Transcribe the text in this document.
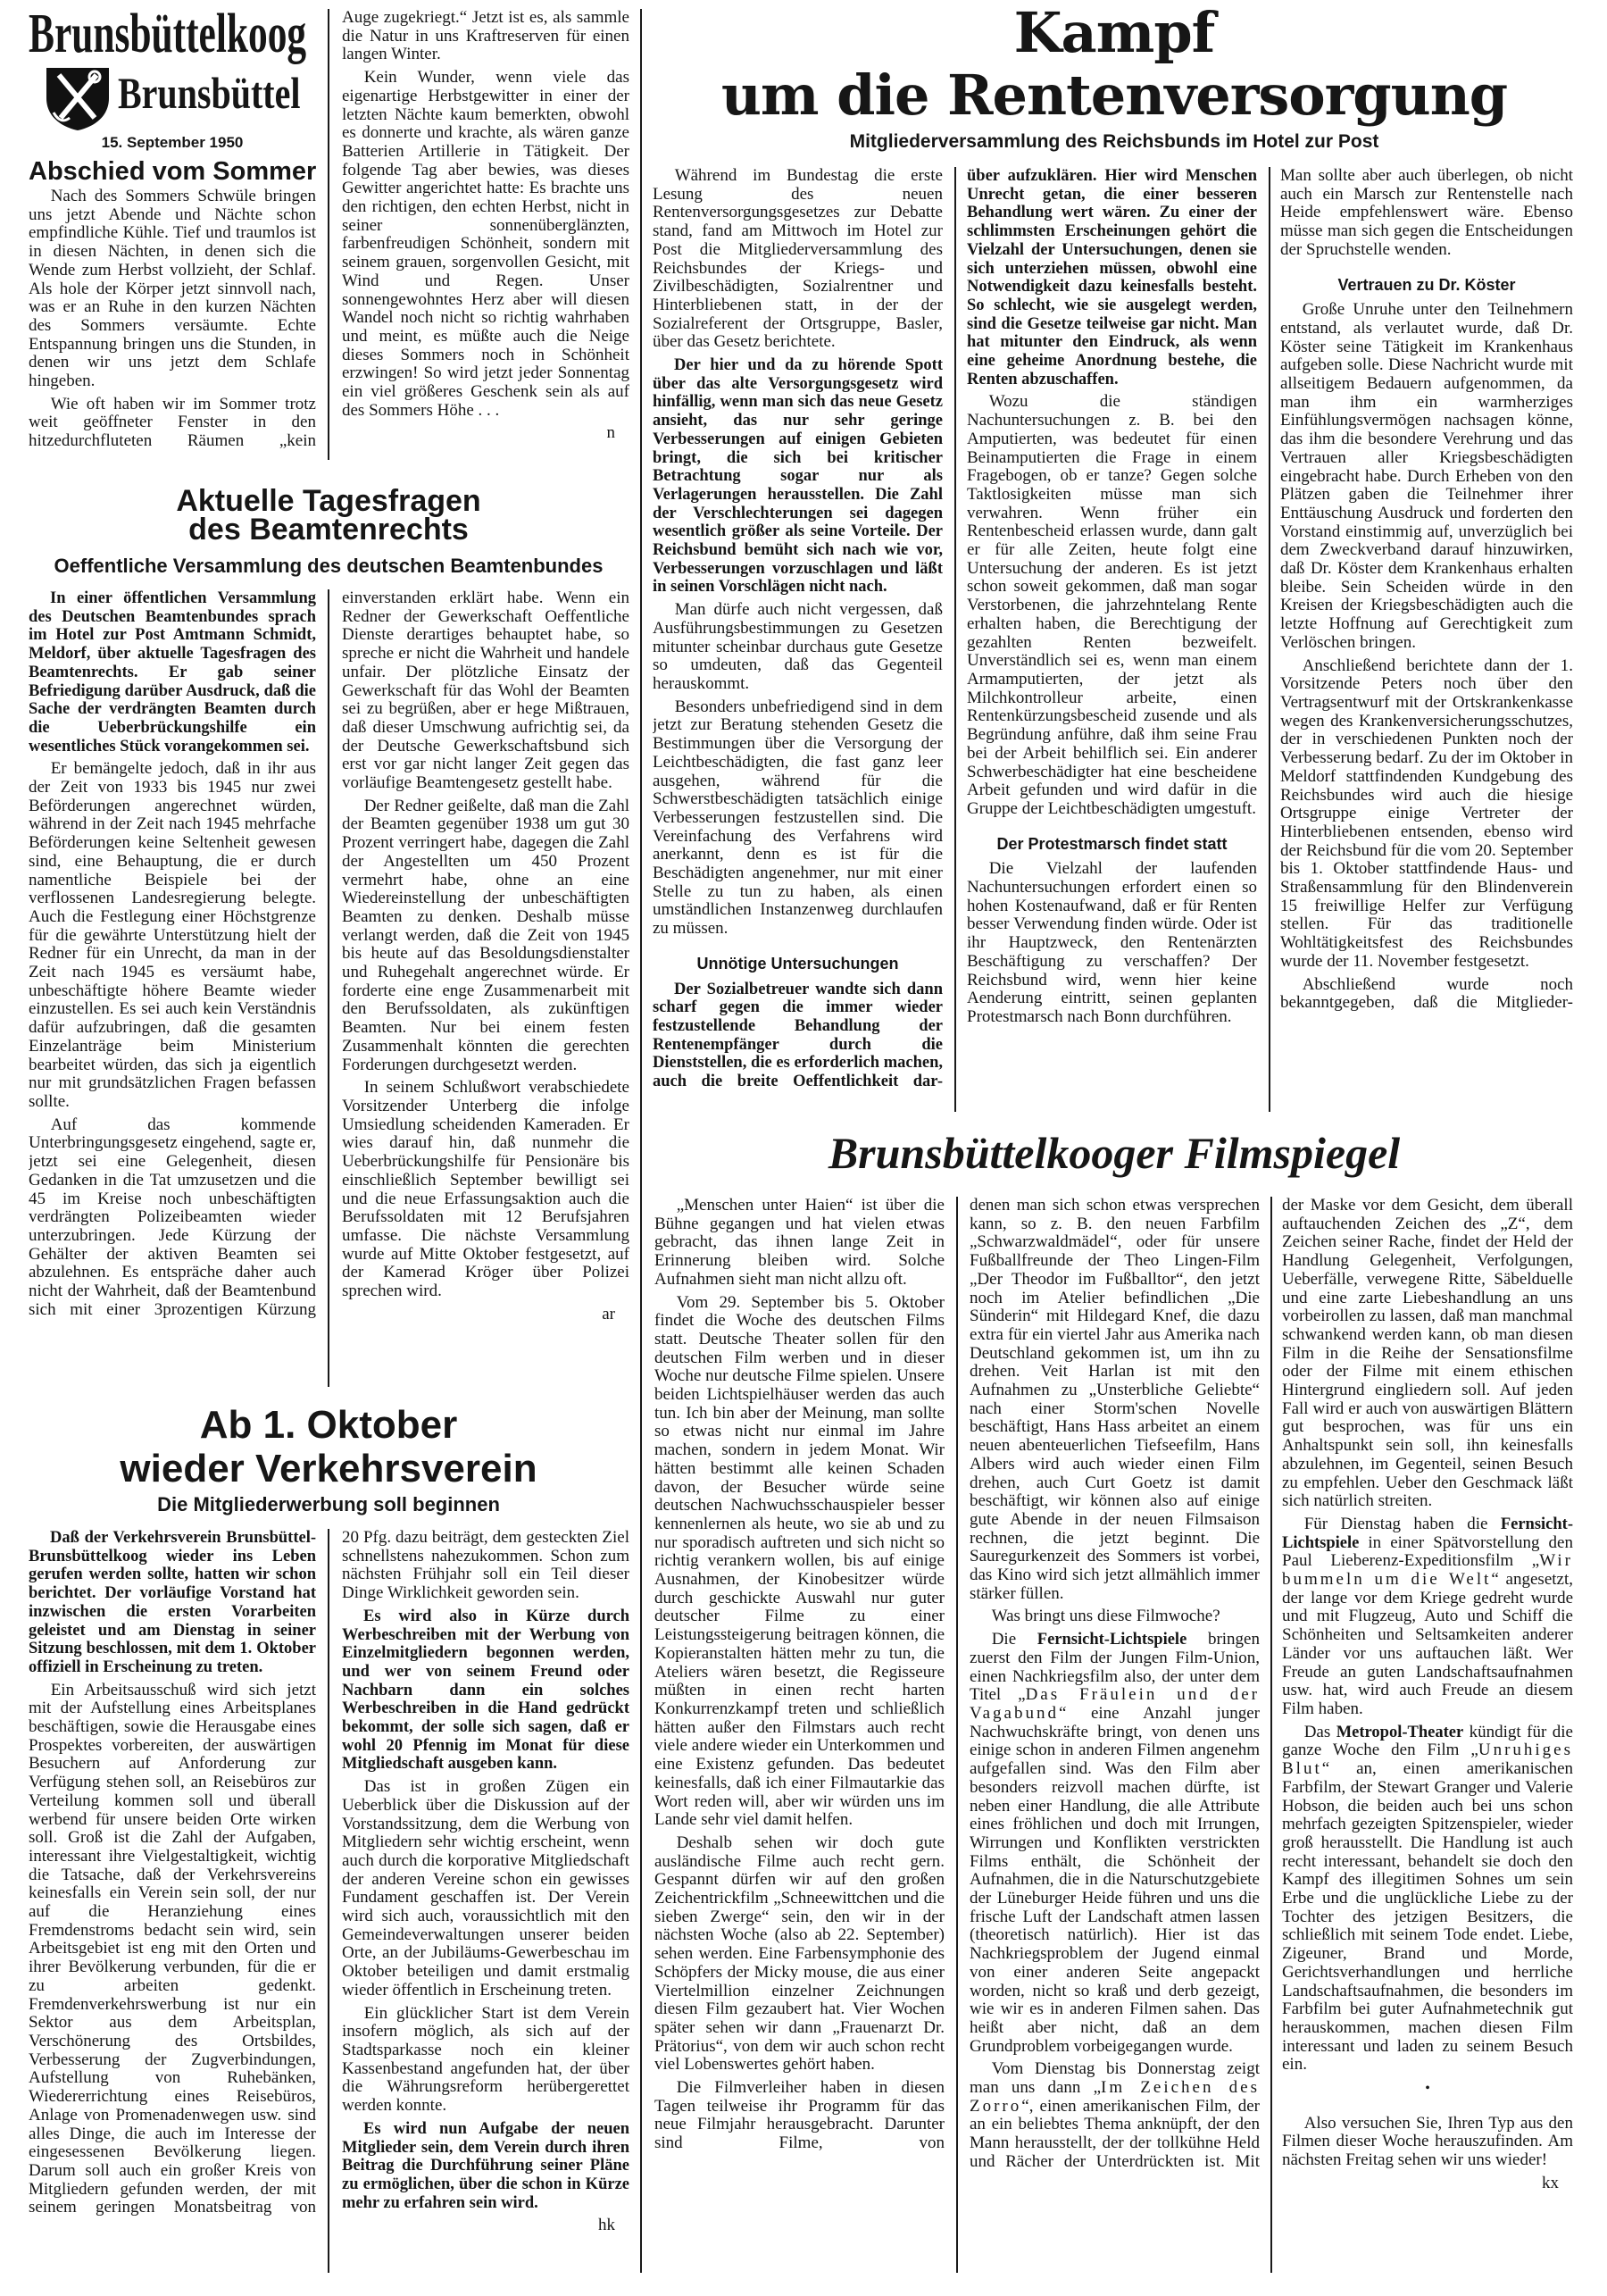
Brunsbüttelkoog
Brunsbüttel
15. September 1950
Abschied vom Sommer
Aktuelle Tagesfragen
des Beamtenrechts
Oeffentliche Versammlung des deutschen Beamtenbundes
Ab 1. Oktober
wieder Verkehrsverein
Die Mitgliederwerbung soll beginnen
Kampf
um die Rentenversorgung
Mitgliederversammlung des Reichsbunds im Hotel zur Post
Brunsbüttelkooger Filmspiegel

Nach des Sommers Schwüle bringen uns jetzt Abende und Nächte schon empfindliche Kühle. Tief und traumlos ist in diesen Nächten, in denen sich die Wende zum Herbst vollzieht, der Schlaf. Als hole der Körper jetzt sinnvoll nach, was er an Ruhe in den kurzen Nächten des Sommers versäumte. Echte Entspannung bringen uns die Stunden, in denen wir uns jetzt dem Schlafe hingeben.

Wie oft haben wir im Sommer trotz weit geöffneter Fenster in den hitzedurchfluteten Räumen „kein

Auge zugekriegt.“ Jetzt ist es, als sammle die Natur in uns Kraftreserven für einen langen Winter.

Kein Wunder, wenn viele das eigenartige Herbstgewitter in einer der letzten Nächte kaum bemerkten, obwohl es donnerte und krachte, als wären ganze Batterien Artillerie in Tätigkeit. Der folgende Tag aber bewies, was dieses Gewitter angerichtet hatte: Es brachte uns den richtigen, den echten Herbst, nicht in seiner sonnenüberglänzten, farbenfreudigen Schönheit, sondern mit seinem grauen, sorgenvollen Gesicht, mit Wind und Regen. Unser sonnengewohntes Herz aber will diesen Wandel noch nicht so richtig wahrhaben und meint, es müßte auch die Neige dieses Sommers noch in Schönheit erzwingen! So wird jetzt jeder Sonnentag ein viel größeres Geschenk sein als auf des Sommers Höhe . . .

n

In einer öffentlichen Versammlung des Deutschen Beamtenbundes sprach im Hotel zur Post Amtmann Schmidt, Meldorf, über aktuelle Tagesfragen des Beamtenrechts. Er gab seiner Befriedigung darüber Ausdruck, daß die Sache der verdrängten Beamten durch die Ueberbrückungshilfe ein wesentliches Stück vorangekommen sei.

Er bemängelte jedoch, daß in ihr aus der Zeit von 1933 bis 1945 nur zwei Beförderungen angerechnet würden, während in der Zeit nach 1945 mehrfache Beförderungen keine Seltenheit gewesen sind, eine Behauptung, die er durch namentliche Beispiele bei der verflossenen Landesregierung belegte. Auch die Festlegung einer Höchstgrenze für die gewährte Unterstützung hielt der Redner für ein Unrecht, da man in der Zeit nach 1945 es versäumt habe, unbeschäftigte höhere Beamte wieder einzustellen. Es sei auch kein Verständnis dafür aufzubringen, daß die gesamten Einzelanträge beim Ministerium bearbeitet würden, das sich ja eigentlich nur mit grundsätzlichen Fragen befassen sollte.

Auf das kommende Unterbringungsgesetz eingehend, sagte er, jetzt sei eine Gelegenheit, diesen Gedanken in die Tat umzusetzen und die 45 im Kreise noch unbeschäftigten verdrängten Polizeibeamten wieder unterzubringen. Jede Kürzung der Gehälter der aktiven Beamten sei abzulehnen. Es entspräche daher auch nicht der Wahrheit, daß der Beamtenbund sich mit einer 3prozentigen Kürzung

einverstanden erklärt habe. Wenn ein Redner der Gewerkschaft Oeffentliche Dienste derartiges behauptet habe, so spreche er nicht die Wahrheit und handele unfair. Der plötzliche Einsatz der Gewerkschaft für das Wohl der Beamten sei zu begrüßen, aber er hege Mißtrauen, daß dieser Umschwung aufrichtig sei, da der Deutsche Gewerkschaftsbund sich erst vor gar nicht langer Zeit gegen das vorläufige Beamtengesetz gestellt habe.

Der Redner geißelte, daß man die Zahl der Beamten gegenüber 1938 um gut 30 Prozent verringert habe, dagegen die Zahl der Angestellten um 450 Prozent vermehrt habe, ohne an eine Wiedereinstellung der unbeschäftigten Beamten zu denken. Deshalb müsse verlangt werden, daß die Zeit von 1945 bis heute auf das Besoldungsdienstalter und Ruhegehalt angerechnet würde. Er forderte eine enge Zusammenarbeit mit den Berufssoldaten, als zukünftigen Beamten. Nur bei einem festen Zusammenhalt könnten die gerechten Forderungen durchgesetzt werden.

In seinem Schlußwort verabschiedete Vorsitzender Unterberg die infolge Umsiedlung scheidenden Kameraden. Er wies darauf hin, daß nunmehr die Ueberbrückungshilfe für Pensionäre bis einschließlich September bewilligt sei und die neue Erfassungsaktion auch die Berufssoldaten mit 12 Berufsjahren umfasse. Die nächste Versammlung wurde auf Mitte Oktober festgesetzt, auf der Kamerad Kröger über Polizei sprechen wird.

ar

Daß der Verkehrsverein Brunsbüttel-Brunsbüttelkoog wieder ins Leben gerufen werden sollte, hatten wir schon berichtet. Der vorläufige Vorstand hat inzwischen die ersten Vorarbeiten geleistet und am Dienstag in seiner Sitzung beschlossen, mit dem 1. Oktober offiziell in Erscheinung zu treten.

Ein Arbeitsausschuß wird sich jetzt mit der Aufstellung eines Arbeitsplanes beschäftigen, sowie die Herausgabe eines Prospektes vorbereiten, der auswärtigen Besuchern auf Anforderung zur Verfügung stehen soll, an Reisebüros zur Verteilung kommen soll und überall werbend für unsere beiden Orte wirken soll. Groß ist die Zahl der Aufgaben, interessant ihre Vielgestaltigkeit, wichtig die Tatsache, daß der Verkehrsvereins keinesfalls ein Verein sein soll, der nur auf die Heranziehung eines Fremdenstroms bedacht sein wird, sein Arbeitsgebiet ist eng mit den Orten und ihrer Bevölkerung verbunden, für die er zu arbeiten gedenkt. Fremdenverkehrswerbung ist nur ein Sektor aus dem Arbeitsplan, Verschönerung des Ortsbildes, Verbesserung der Zugverbindungen, Aufstellung von Ruhebänken, Wiedererrichtung eines Reisebüros, Anlage von Promenadenwegen usw. sind alles Dinge, die auch im Interesse der eingesessenen Bevölkerung liegen. Darum soll auch ein großer Kreis von Mitgliedern gefunden werden, der mit seinem geringen Monatsbeitrag von

20 Pfg. dazu beiträgt, dem gesteckten Ziel schnellstens nahezukommen. Schon zum nächsten Frühjahr soll ein Teil dieser Dinge Wirklichkeit geworden sein.

Es wird also in Kürze durch Werbeschreiben mit der Werbung von Einzelmitgliedern begonnen werden, und wer von seinem Freund oder Nachbarn dann ein solches Werbeschreiben in die Hand gedrückt bekommt, der solle sich sagen, daß er wohl 20 Pfennig im Monat für diese Mitgliedschaft ausgeben kann.

Das ist in großen Zügen ein Ueberblick über die Diskussion auf der Vorstandssitzung, dem die Werbung von Mitgliedern sehr wichtig erscheint, wenn auch durch die korporative Mitgliedschaft der anderen Vereine schon ein gewisses Fundament geschaffen ist. Der Verein wird sich auch, voraussichtlich mit den Gemeindeverwaltungen unserer beiden Orte, an der Jubiläums-Gewerbeschau im Oktober beteiligen und damit erstmalig wieder öffentlich in Erscheinung treten.

Ein glücklicher Start ist dem Verein insofern möglich, als sich auf der Stadtsparkasse noch ein kleiner Kassenbestand angefunden hat, der über die Währungsreform herübergerettet werden konnte.

Es wird nun Aufgabe der neuen Mitglieder sein, dem Verein durch ihren Beitrag die Durchführung seiner Pläne zu ermöglichen, über die schon in Kürze mehr zu erfahren sein wird.

hk

Während im Bundestag die erste Lesung des neuen Rentenversorgungsgesetzes zur Debatte stand, fand am Mittwoch im Hotel zur Post die Mitgliederversammlung des Reichsbundes der Kriegs- und Zivilbeschädigten, Sozialrentner und Hinterbliebenen statt, in der der Sozialreferent der Ortsgruppe, Basler, über das Gesetz berichtete.

Der hier und da zu hörende Spott über das alte Versorgungsgesetz wird hinfällig, wenn man sich das neue Gesetz ansieht, das nur sehr geringe Verbesserungen auf einigen Gebieten bringt, die sich bei kritischer Betrachtung sogar nur als Verlagerungen herausstellen. Die Zahl der Verschlechterungen sei dagegen wesentlich größer als seine Vorteile. Der Reichsbund bemüht sich nach wie vor, Verbesserungen vorzuschlagen und läßt in seinen Vorschlägen nicht nach.

Man dürfe auch nicht vergessen, daß Ausführungsbestimmungen zu Gesetzen mitunter scheinbar durchaus gute Gesetze so umdeuten, daß das Gegenteil herauskommt.

Besonders unbefriedigend sind in dem jetzt zur Beratung stehenden Gesetz die Bestimmungen über die Versorgung der Leichtbeschädigten, die fast ganz leer ausgehen, während für die Schwerstbeschädigten tatsächlich einige Verbesserungen festzustellen sind. Die Vereinfachung des Verfahrens wird anerkannt, denn es ist für die Beschädigten angenehmer, nur mit einer Stelle zu tun zu haben, als einen umständlichen Instanzenweg durchlaufen zu müssen.

Unnötige Untersuchungen

Der Sozialbetreuer wandte sich dann scharf gegen die immer wieder festzustellende Behandlung der Rentenempfänger durch die Dienststellen, die es erforderlich machen, auch die breite Oeffentlichkeit dar-

über aufzuklären. Hier wird Menschen Unrecht getan, die einer besseren Behandlung wert wären. Zu einer der schlimmsten Erscheinungen gehört die Vielzahl der Untersuchungen, denen sie sich unterziehen müssen, obwohl eine Notwendigkeit dazu keinesfalls besteht. So schlecht, wie sie ausgelegt werden, sind die Gesetze teilweise gar nicht. Man hat mitunter den Eindruck, als wenn eine geheime Anordnung bestehe, die Renten abzuschaffen.

Wozu die ständigen Nachuntersuchungen z. B. bei den Amputierten, was bedeutet für einen Beinamputierten die Frage in einem Fragebogen, ob er tanze? Gegen solche Taktlosigkeiten müsse man sich verwahren. Wenn früher ein Rentenbescheid erlassen wurde, dann galt er für alle Zeiten, heute folgt eine Untersuchung der anderen. Es ist jetzt schon soweit gekommen, daß man sogar Verstorbenen, die jahrzehntelang Rente erhalten haben, die Berechtigung der gezahlten Renten bezweifelt. Unverständlich sei es, wenn man einem Armamputierten, der jetzt als Milchkontrolleur arbeite, einen Rentenkürzungsbescheid zusende und als Begründung anführe, daß ihm seine Frau bei der Arbeit behilflich sei. Ein anderer Schwerbeschädigter hat eine bescheidene Arbeit gefunden und wird dafür in die Gruppe der Leichtbeschädigten umgestuft.

Der Protestmarsch findet statt

Die Vielzahl der laufenden Nachuntersuchungen erfordert einen so hohen Kostenaufwand, daß er für Renten besser Verwendung finden würde. Oder ist ihr Hauptzweck, den Rentenärzten Beschäftigung zu verschaffen? Der Reichsbund wird, wenn hier keine Aenderung eintritt, seinen geplanten Protestmarsch nach Bonn durchführen.

Man sollte aber auch überlegen, ob nicht auch ein Marsch zur Rentenstelle nach Heide empfehlenswert wäre. Ebenso müsse man sich gegen die Entscheidungen der Spruchstelle wenden.

Vertrauen zu Dr. Köster

Große Unruhe unter den Teilnehmern entstand, als verlautet wurde, daß Dr. Köster seine Tätigkeit im Krankenhaus aufgeben solle. Diese Nachricht wurde mit allseitigem Bedauern aufgenommen, da man ihm ein warmherziges Einfühlungsvermögen nachsagen könne, das ihm die besondere Verehrung und das Vertrauen aller Kriegsbeschädigten eingebracht habe. Durch Erheben von den Plätzen gaben die Teilnehmer ihrer Enttäuschung Ausdruck und forderten den Vorstand einstimmig auf, unverzüglich bei dem Zweckverband darauf hinzuwirken, daß Dr. Köster dem Krankenhaus erhalten bleibe. Sein Scheiden würde in den Kreisen der Kriegsbeschädigten auch die letzte Hoffnung auf Gerechtigkeit zum Verlöschen bringen.

Anschließend berichtete dann der 1. Vorsitzende Peters noch über den Vertragsentwurf mit der Ortskrankenkasse wegen des Krankenversicherungsschutzes, der in verschiedenen Punkten noch der Verbesserung bedarf. Zu der im Oktober in Meldorf stattfindenden Kundgebung des Reichsbundes wird auch die hiesige Ortsgruppe einige Vertreter der Hinterbliebenen entsenden, ebenso wird der Reichsbund für die vom 20. September bis 1. Oktober stattfindende Haus- und Straßensammlung für den Blindenverein 15 freiwillige Helfer zur Verfügung stellen. Für das traditionelle Wohltätigkeitsfest des Reichsbundes wurde der 11. November festgesetzt.

Abschließend wurde noch bekanntgegeben, daß die Mitglieder-

„Menschen unter Haien“ ist über die Bühne gegangen und hat vielen etwas gebracht, das ihnen lange Zeit in Erinnerung bleiben wird. Solche Aufnahmen sieht man nicht allzu oft.

Vom 29. September bis 5. Oktober findet die Woche des deutschen Films statt. Deutsche Theater sollen für den deutschen Film werben und in dieser Woche nur deutsche Filme spielen. Unsere beiden Lichtspielhäuser werden das auch tun. Ich bin aber der Meinung, man sollte so etwas nicht nur einmal im Jahre machen, sondern in jedem Monat. Wir hätten bestimmt alle keinen Schaden davon, der Besucher würde seine deutschen Nachwuchsschauspieler besser kennenlernen als heute, wo sie ab und zu nur sporadisch auftreten und sich nicht so richtig verankern wollen, bis auf einige Ausnahmen, der Kinobesitzer würde durch geschickte Auswahl nur guter deutscher Filme zu einer Leistungssteigerung beitragen können, die Kopieranstalten hätten mehr zu tun, die Ateliers wären besetzt, die Regisseure müßten in einen recht harten Konkurrenzkampf treten und schließlich hätten außer den Filmstars auch recht viele andere wieder ein Unterkommen und eine Existenz gefunden. Das bedeutet keinesfalls, daß ich einer Filmautarkie das Wort reden will, aber wir würden uns im Lande sehr viel damit helfen.

Deshalb sehen wir doch gute ausländische Filme auch recht gern. Gespannt dürfen wir auf den großen Zeichentrickfilm „Schneewittchen und die sieben Zwerge“ sein, den wir in der nächsten Woche (also ab 22. September) sehen werden. Eine Farbensymphonie des Schöpfers der Micky mouse, die aus einer Viertelmillion einzelner Zeichnungen diesen Film gezaubert hat. Vier Wochen später sehen wir dann „Frauenarzt Dr. Prätorius“, von dem wir auch schon recht viel Lobenswertes gehört haben.

Die Filmverleiher haben in diesen Tagen teilweise ihr Programm für das neue Filmjahr herausgebracht. Darunter sind Filme, von

denen man sich schon etwas versprechen kann, so z. B. den neuen Farbfilm „Schwarzwaldmädel“, oder für unsere Fußballfreunde der Theo Lingen-Film „Der Theodor im Fußballtor“, den jetzt noch im Atelier befindlichen „Die Sünderin“ mit Hildegard Knef, die dazu extra für ein viertel Jahr aus Amerika nach Deutschland gekommen ist, um ihn zu drehen. Veit Harlan ist mit den Aufnahmen zu „Unsterbliche Geliebte“ nach einer Storm'schen Novelle beschäftigt, Hans Hass arbeitet an einem neuen abenteuerlichen Tiefseefilm, Hans Albers wird auch wieder einen Film drehen, auch Curt Goetz ist damit beschäftigt, wir können also auf einige gute Abende in der neuen Filmsaison rechnen, die jetzt beginnt. Die Sauregurkenzeit des Sommers ist vorbei, das Kino wird sich jetzt allmählich immer stärker füllen.

Was bringt uns diese Filmwoche?

Die Fernsicht-Lichtspiele bringen zuerst den Film der Jungen Film-Union, einen Nachkriegsfilm also, der unter dem Titel „Das Fräulein und der Vagabund“ eine Anzahl junger Nachwuchskräfte bringt, von denen uns einige schon in anderen Filmen angenehm aufgefallen sind. Was den Film aber besonders reizvoll machen dürfte, ist neben einer Handlung, die alle Attribute eines fröhlichen und doch mit Irrungen, Wirrungen und Konflikten verstrickten Films enthält, die Schönheit der Aufnahmen, die in die Naturschutzgebiete der Lüneburger Heide führen und uns die frische Luft der Landschaft atmen lassen (theoretisch natürlich). Hier ist das Nachkriegsproblem der Jugend einmal von einer anderen Seite angepackt worden, nicht so kraß und derb gezeigt, wie wir es in anderen Filmen sahen. Das heißt aber nicht, daß an dem Grundproblem vorbeigegangen wurde.

Vom Dienstag bis Donnerstag zeigt man uns dann „Im Zeichen des Zorro“, einen amerikanischen Film, der an ein beliebtes Thema anknüpft, der den Mann herausstellt, der der tollkühne Held und Rächer der Unterdrückten ist. Mit

der Maske vor dem Gesicht, dem überall auftauchenden Zeichen des „Z“, dem Zeichen seiner Rache, findet der Held der Handlung Gelegenheit, Verfolgungen, Ueberfälle, verwegene Ritte, Säbelduelle und eine zarte Liebeshandlung an uns vorbeirollen zu lassen, daß man manchmal schwankend werden kann, ob man diesen Film in die Reihe der Sensationsfilme oder der Filme mit einem ethischen Hintergrund eingliedern soll. Auf jeden Fall wird er auch von auswärtigen Blättern gut besprochen, was für uns ein Anhaltspunkt sein soll, ihn keinesfalls abzulehnen, im Gegenteil, seinen Besuch zu empfehlen. Ueber den Geschmack läßt sich natürlich streiten.

Für Dienstag haben die Fernsicht-Lichtspiele in einer Spätvorstellung den Paul Lieberenz-Expeditionsfilm „Wir bummeln um die Welt“ angesetzt, der lange vor dem Kriege gedreht wurde und mit Flugzeug, Auto und Schiff die Schönheiten und Seltsamkeiten anderer Länder vor uns auftauchen läßt. Wer Freude an guten Landschaftsaufnahmen usw. hat, wird auch Freude an diesem Film haben.

Das Metropol-Theater kündigt für die ganze Woche den Film „Unruhiges Blut“ an, einen amerikanischen Farbfilm, der Stewart Granger und Valerie Hobson, die beiden auch bei uns schon mehrfach gezeigten Spitzenspieler, wieder groß herausstellt. Die Handlung ist auch recht interessant, behandelt sie doch den Kampf des illegitimen Sohnes um sein Erbe und die unglückliche Liebe zu der Tochter des jetzigen Besitzers, die schließlich mit seinem Tode endet. Liebe, Zigeuner, Brand und Morde, Gerichtsverhandlungen und herrliche Landschaftsaufnahmen, die besonders im Farbfilm bei guter Aufnahmetechnik gut herauskommen, machen diesen Film interessant und laden zu seinem Besuch ein.

•

Also versuchen Sie, Ihren Typ aus den Filmen dieser Woche herauszufinden. Am nächsten Freitag sehen wir uns wieder!

kx
